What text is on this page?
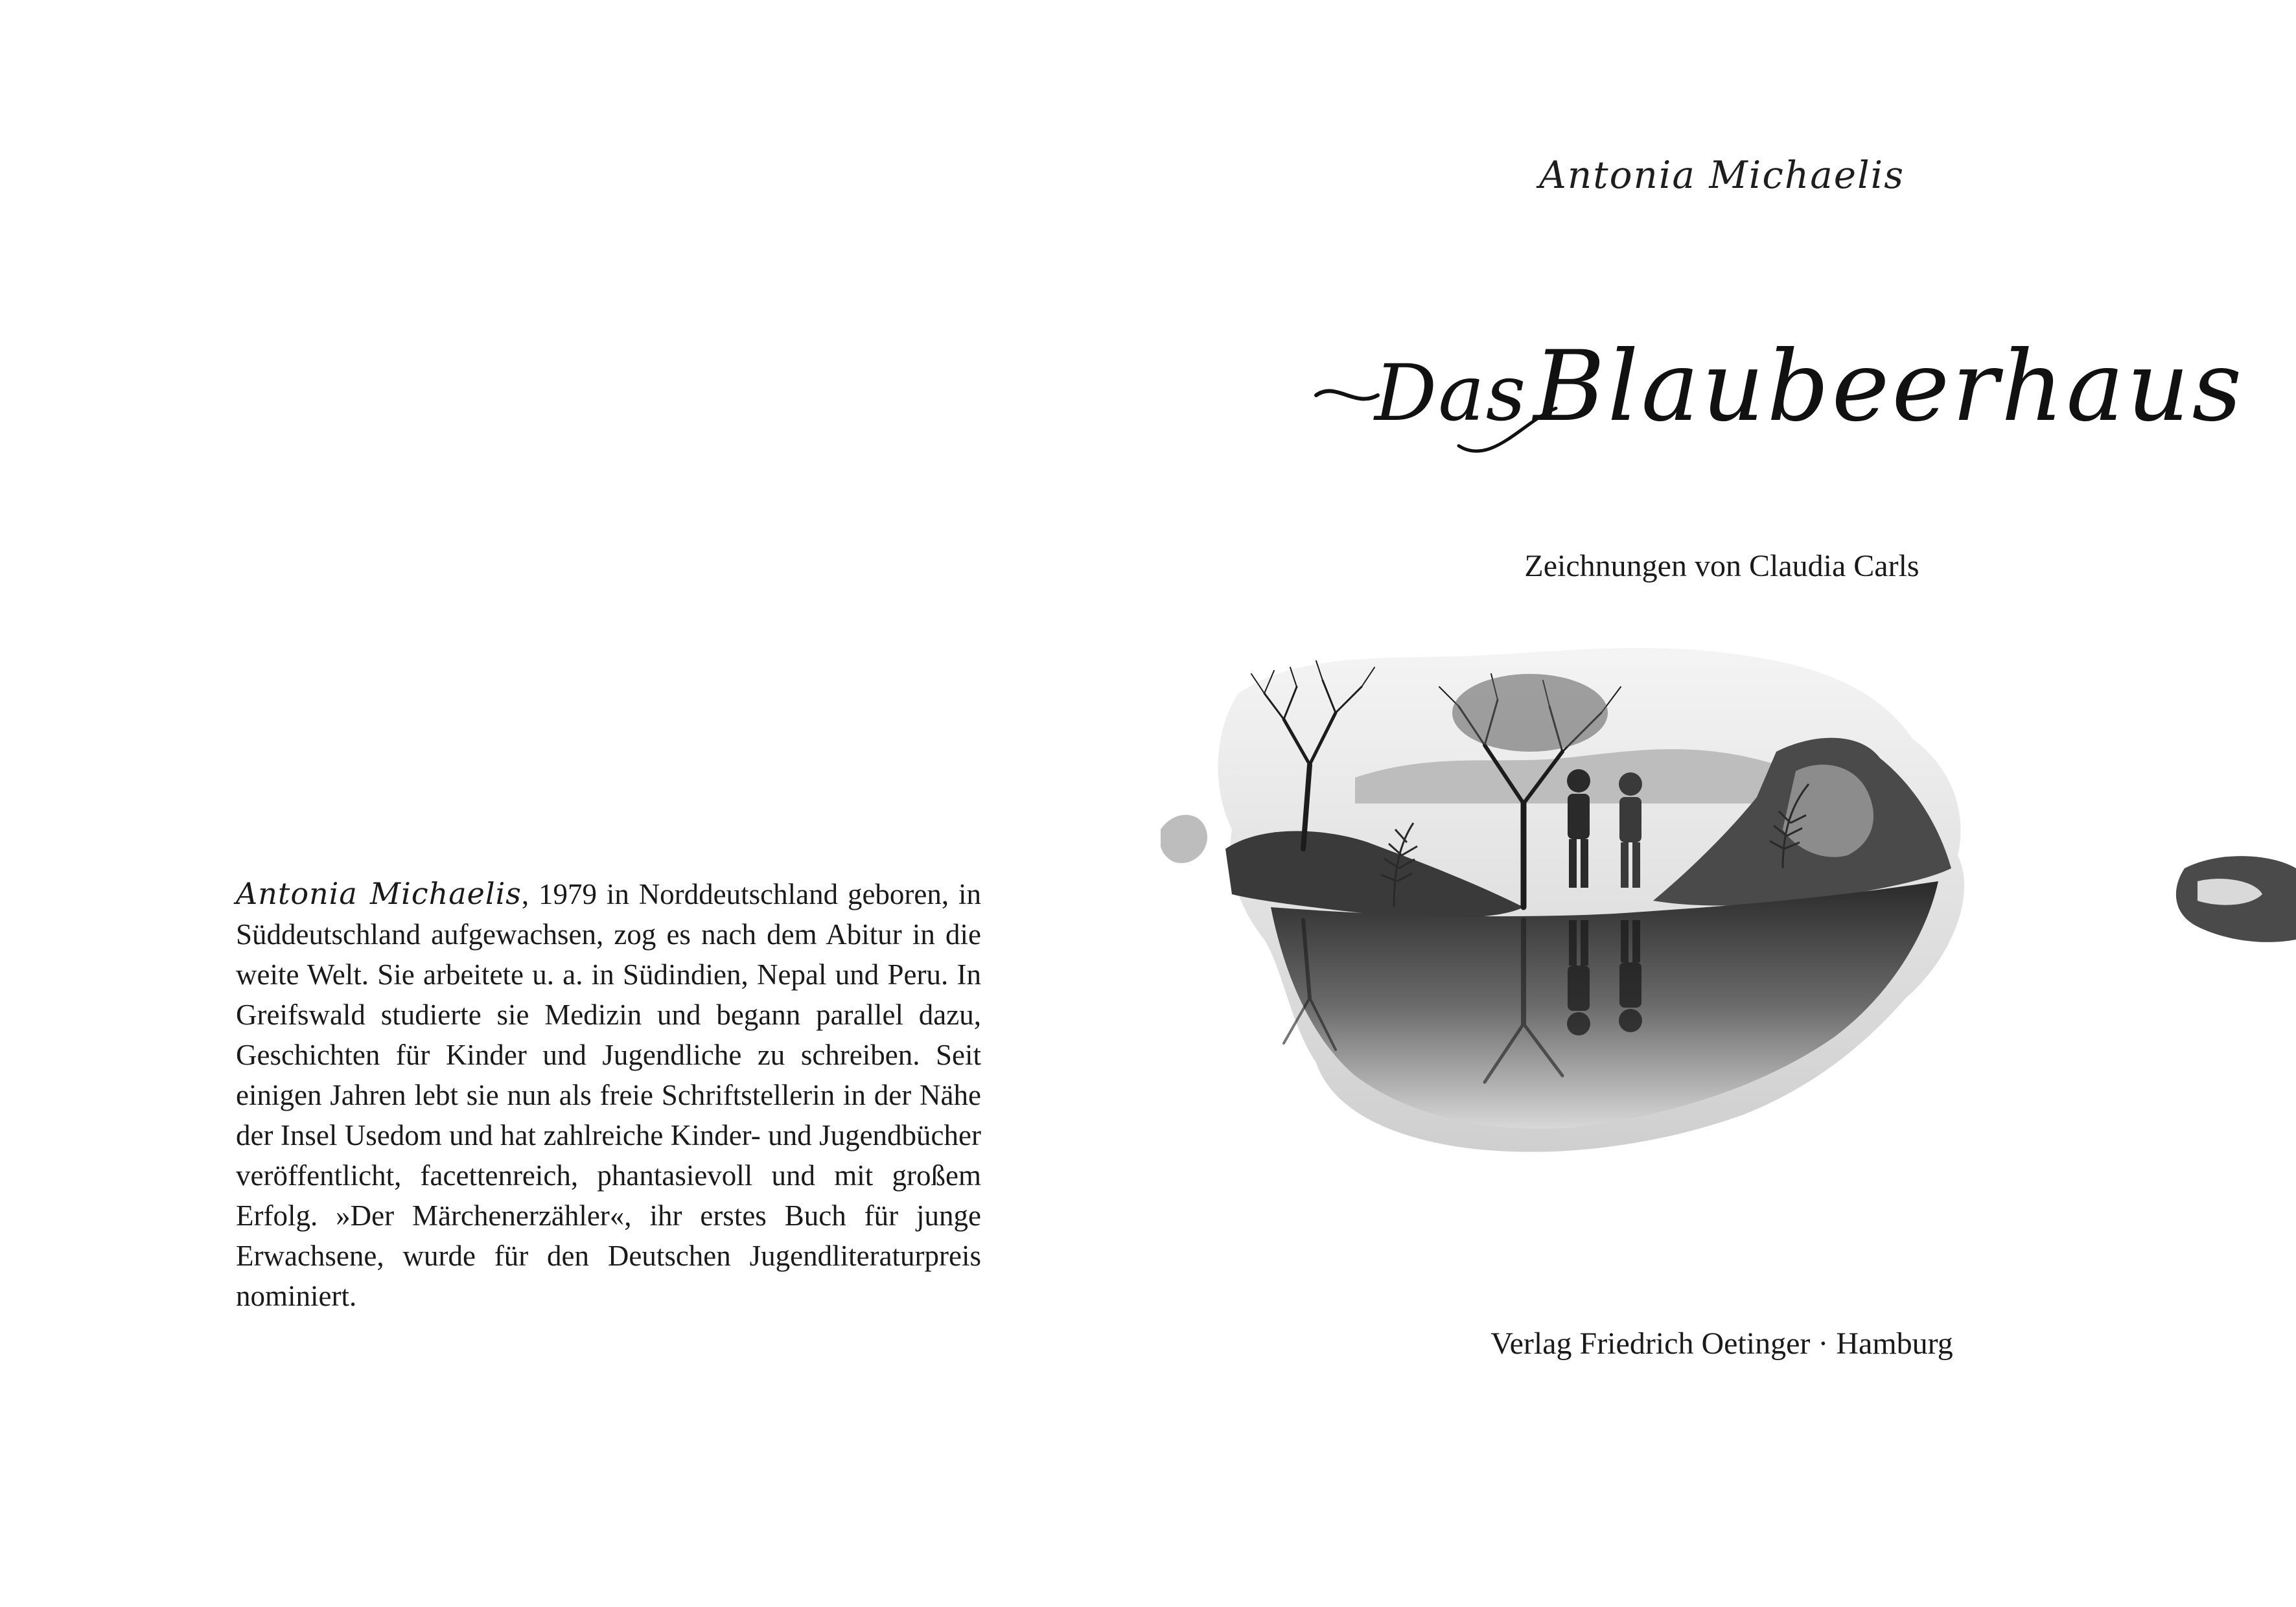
Antonia Michaelis, 1979 in Norddeutschland geboren, in Süddeutschland aufgewachsen, zog es nach dem Abitur in die weite Welt. Sie arbeitete u. a. in Südindien, Nepal und Peru. In Greifswald studierte sie Medizin und begann parallel dazu, Geschichten für Kinder und Jugendliche zu schreiben. Seit einigen Jahren lebt sie nun als freie Schriftstellerin in der Nähe der Insel Usedom und hat zahlreiche Kinder- und Jugendbücher veröffentlicht, facettenreich, phantasievoll und mit großem Erfolg. »Der Märchenerzähler«, ihr erstes Buch für junge Erwachsene, wurde für den Deutschen Jugendliteraturpreis nominiert.

Antonia Michaelis
DasBlaubeerhaus
Zeichnungen von Claudia Carls
Verlag Friedrich Oetinger · Hamburg
